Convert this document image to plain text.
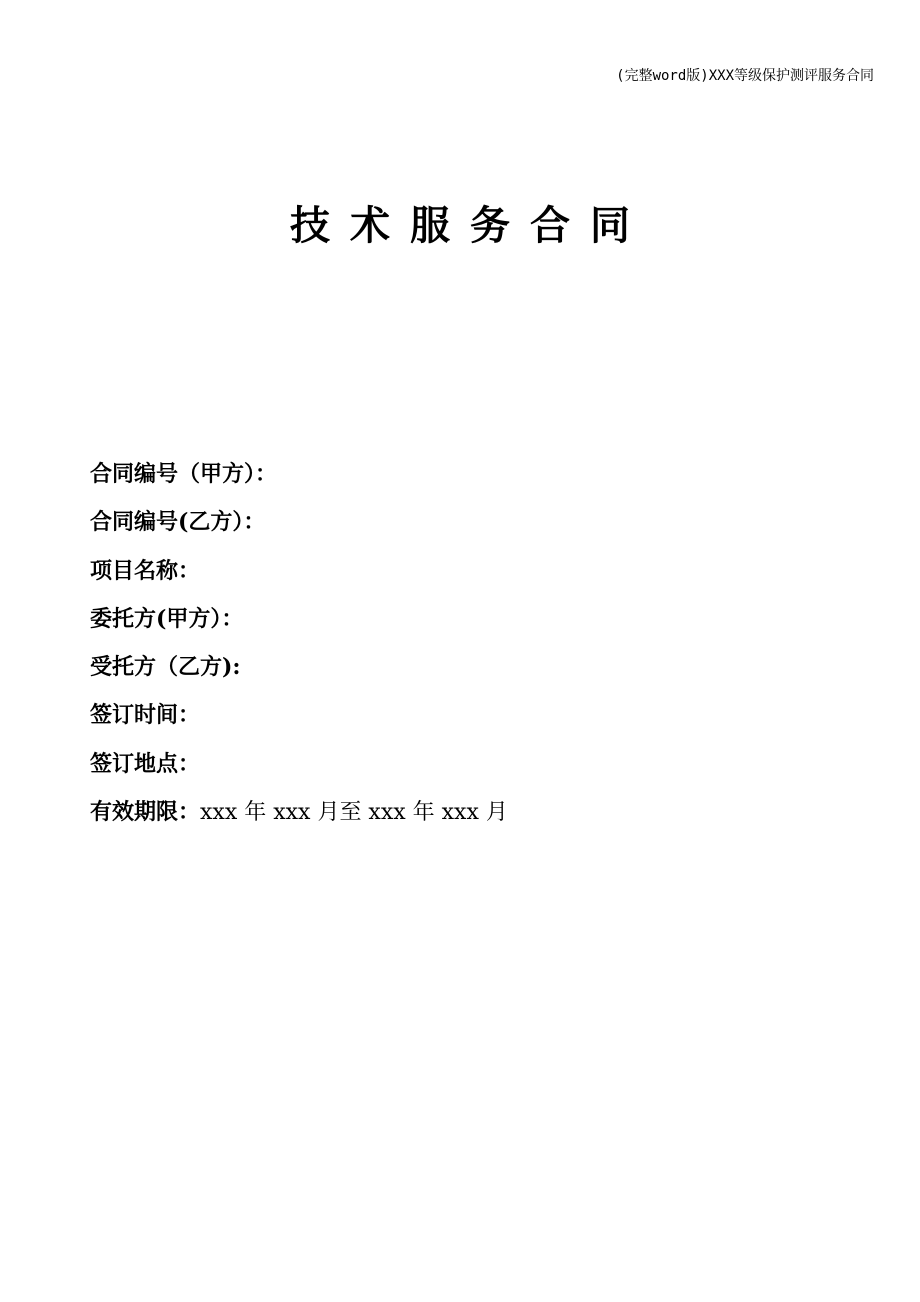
(完整word版)XXX等级保护测评服务合同
技术服务合同
合同编号（甲方）：
合同编号(乙方）：
项目名称：
委托方(甲方）：
受托方（乙方):
签订时间：
签订地点：
有效期限：xxx 年 xxx 月至 xxx 年 xxx 月
